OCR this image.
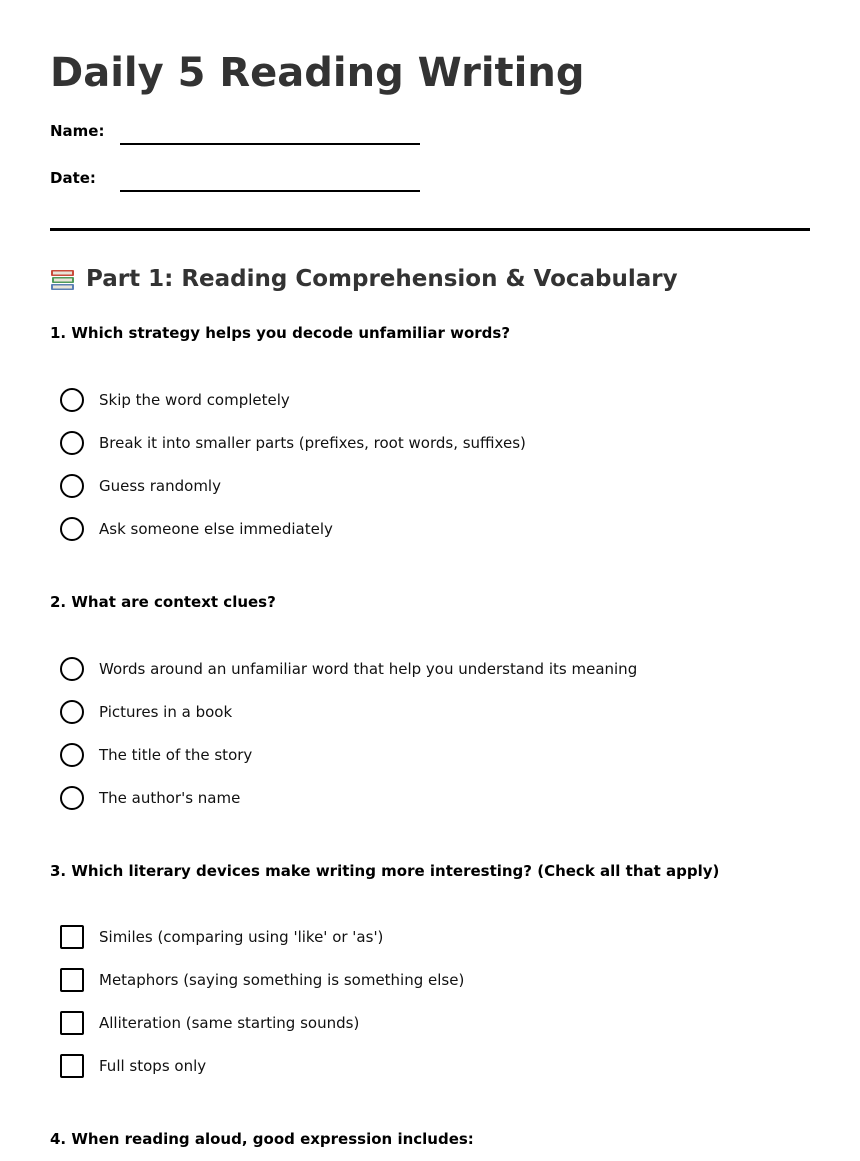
Daily 5 Reading Writing
Name:
Date:
Part 1: Reading Comprehension & Vocabulary

1. Which strategy helps you decode unfamiliar words?

Skip the word completely
Break it into smaller parts (prefixes, root words, suffixes)
Guess randomly
Ask someone else immediately

2. What are context clues?

Words around an unfamiliar word that help you understand its meaning
Pictures in a book
The title of the story
The author's name

3. Which literary devices make writing more interesting? (Check all that apply)

Similes (comparing using 'like' or 'as')
Metaphors (saying something is something else)
Alliteration (same starting sounds)
Full stops only

4. When reading aloud, good expression includes:
